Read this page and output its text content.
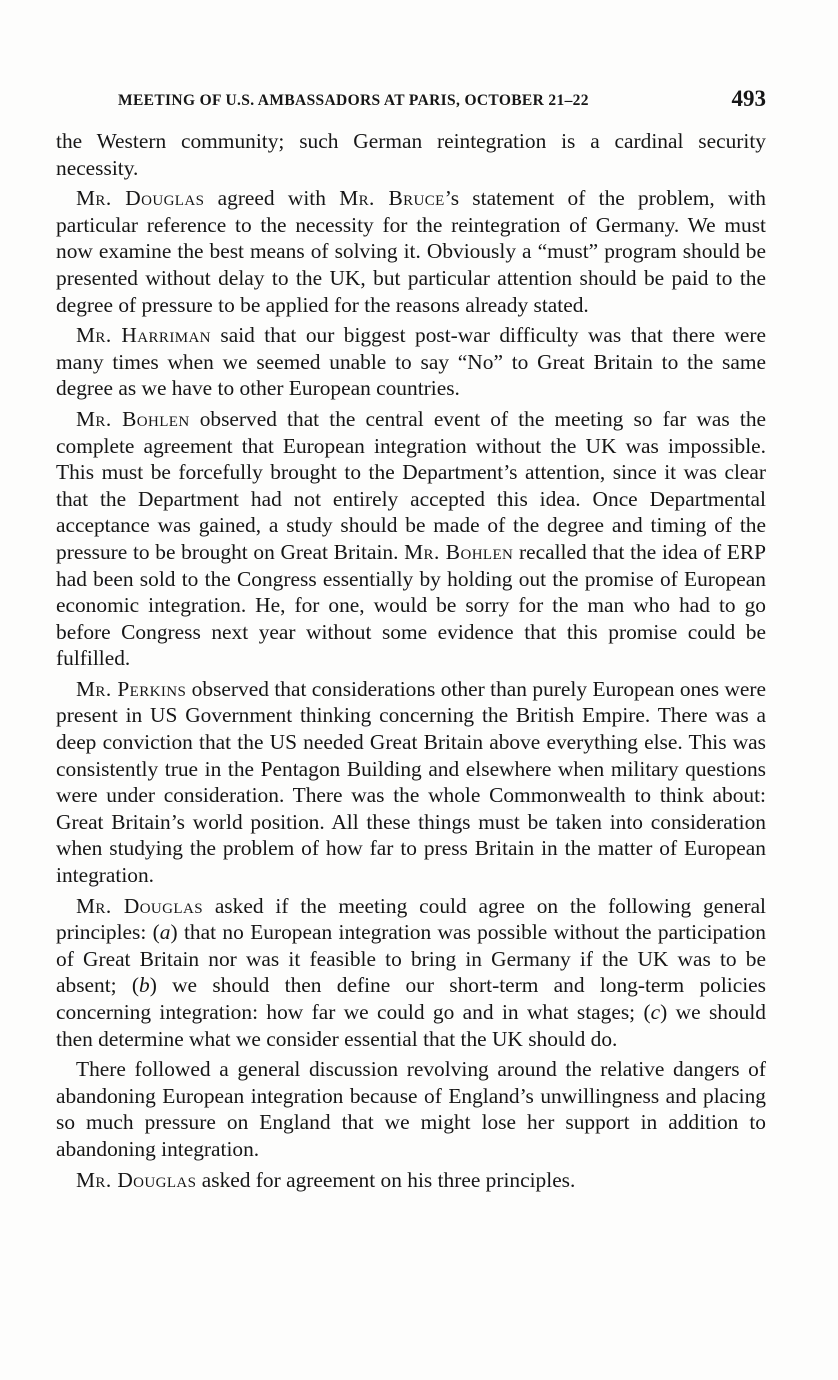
MEETING OF U.S. AMBASSADORS AT PARIS, OCTOBER 21–22	493

the Western community; such German reintegration is a cardinal security necessity.

Mr. Douglas agreed with Mr. Bruce’s statement of the problem, with particular reference to the necessity for the reintegration of Germany. We must now examine the best means of solving it. Obviously a “must” program should be presented without delay to the UK, but particular attention should be paid to the degree of pressure to be applied for the reasons already stated.

Mr. Harriman said that our biggest post-war difficulty was that there were many times when we seemed unable to say “No” to Great Britain to the same degree as we have to other European countries.

Mr. Bohlen observed that the central event of the meeting so far was the complete agreement that European integration without the UK was impossible. This must be forcefully brought to the Department’s attention, since it was clear that the Department had not entirely accepted this idea. Once Departmental acceptance was gained, a study should be made of the degree and timing of the pressure to be brought on Great Britain. Mr. Bohlen recalled that the idea of ERP had been sold to the Congress essentially by holding out the promise of European economic integration. He, for one, would be sorry for the man who had to go before Congress next year without some evidence that this promise could be fulfilled.

Mr. Perkins observed that considerations other than purely European ones were present in US Government thinking concerning the British Empire. There was a deep conviction that the US needed Great Britain above everything else. This was consistently true in the Pentagon Building and elsewhere when military questions were under consideration. There was the whole Commonwealth to think about: Great Britain’s world position. All these things must be taken into consideration when studying the problem of how far to press Britain in the matter of European integration.

Mr. Douglas asked if the meeting could agree on the following general principles: (a) that no European integration was possible without the participation of Great Britain nor was it feasible to bring in Germany if the UK was to be absent; (b) we should then define our short-term and long-term policies concerning integration: how far we could go and in what stages; (c) we should then determine what we consider essential that the UK should do.

There followed a general discussion revolving around the relative dangers of abandoning European integration because of England’s unwillingness and placing so much pressure on England that we might lose her support in addition to abandoning integration.

Mr. Douglas asked for agreement on his three principles.
